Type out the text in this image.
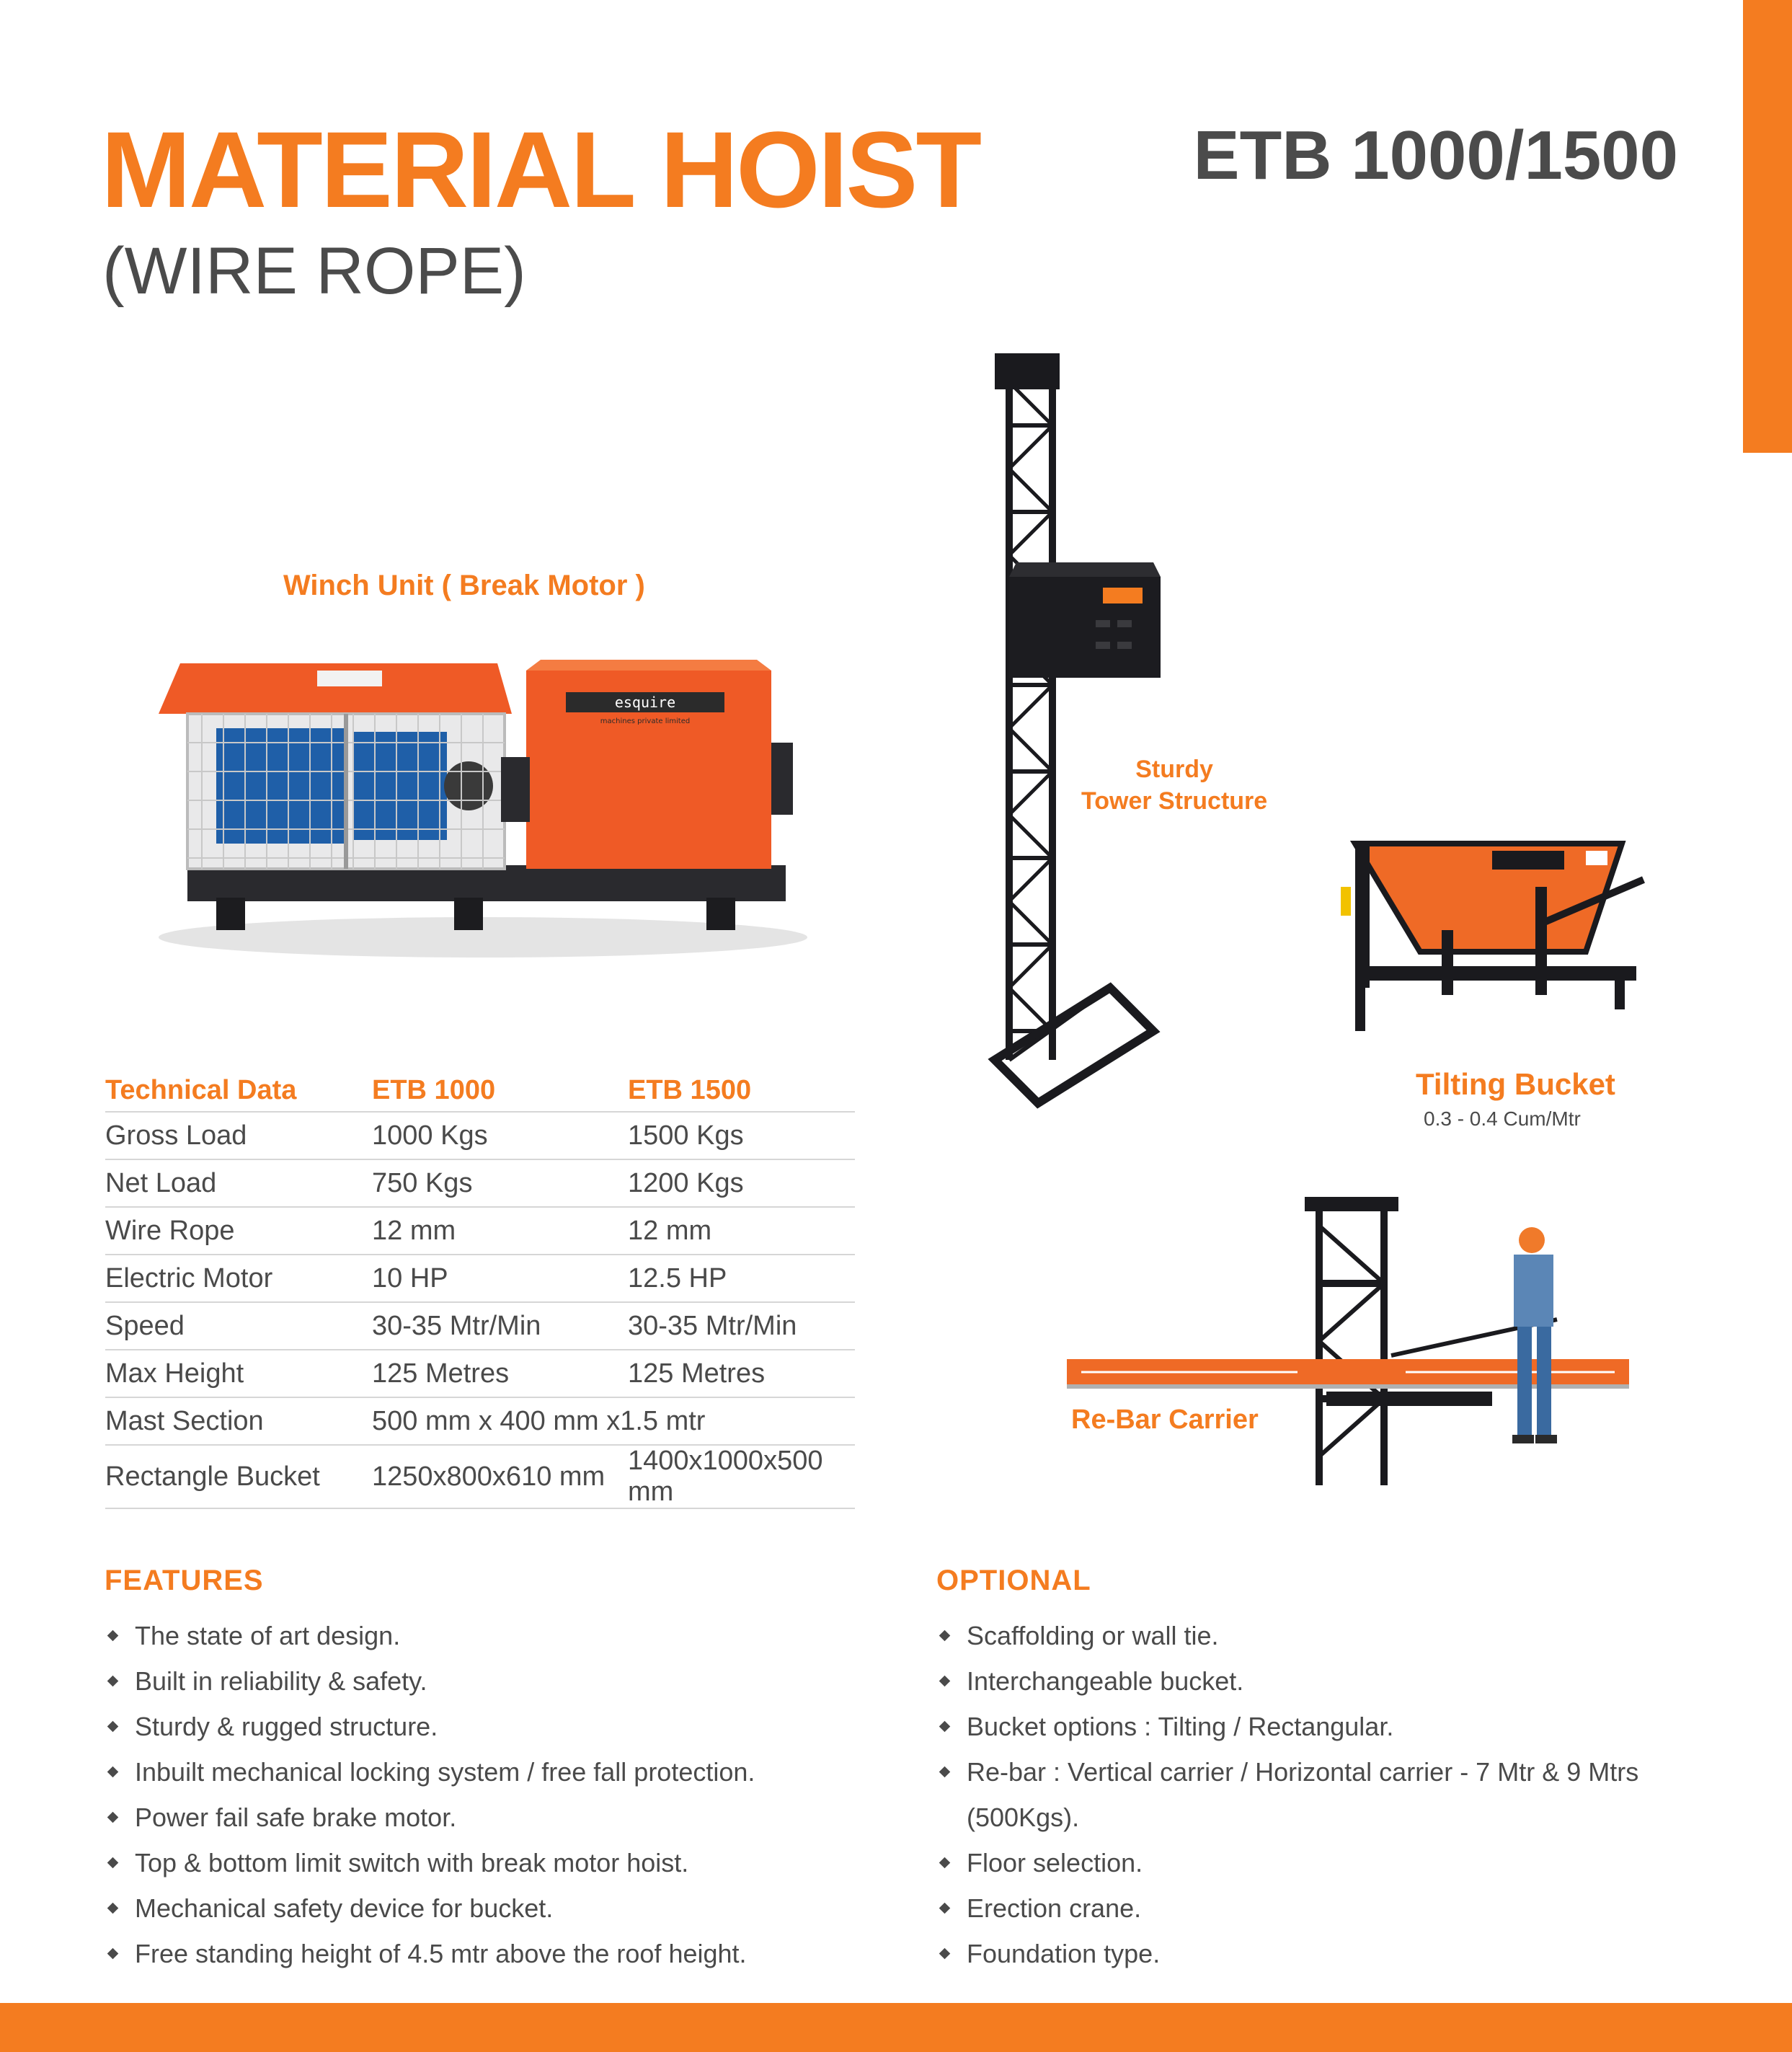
MATERIAL HOIST
(WIRE ROPE)
ETB 1000/1500
Winch Unit ( Break Motor )
Sturdy
Tower Structure
Tilting Bucket
0.3 - 0.4 Cum/Mtr
Re-Bar Carrier
esquire
machines private limited
Technical Data	ETB 1000	ETB 1500
Gross Load	1000 Kgs	1500 Kgs
Net Load	750 Kgs	1200 Kgs
Wire Rope	12 mm	12 mm
Electric Motor	10 HP	12.5 HP
Speed	30-35 Mtr/Min	30-35 Mtr/Min
Max Height	125 Metres	125 Metres
Mast Section	500 mm x 400 mm x1.5 mtr	
Rectangle Bucket	1250x800x610 mm	1400x1000x500 mm
FEATURES
The state of art design.
Built in reliability & safety.
Sturdy & rugged structure.
Inbuilt mechanical locking system / free fall protection.
Power fail safe brake motor.
Top & bottom limit switch with break motor hoist.
Mechanical safety device for bucket.
Free standing height of 4.5 mtr above the roof height.
OPTIONAL
Scaffolding or wall tie.
Interchangeable bucket.
Bucket options : Tilting / Rectangular.
Re-bar : Vertical carrier / Horizontal carrier - 7 Mtr & 9 Mtrs
(500Kgs).
Floor selection.
Erection crane.
Foundation type.
